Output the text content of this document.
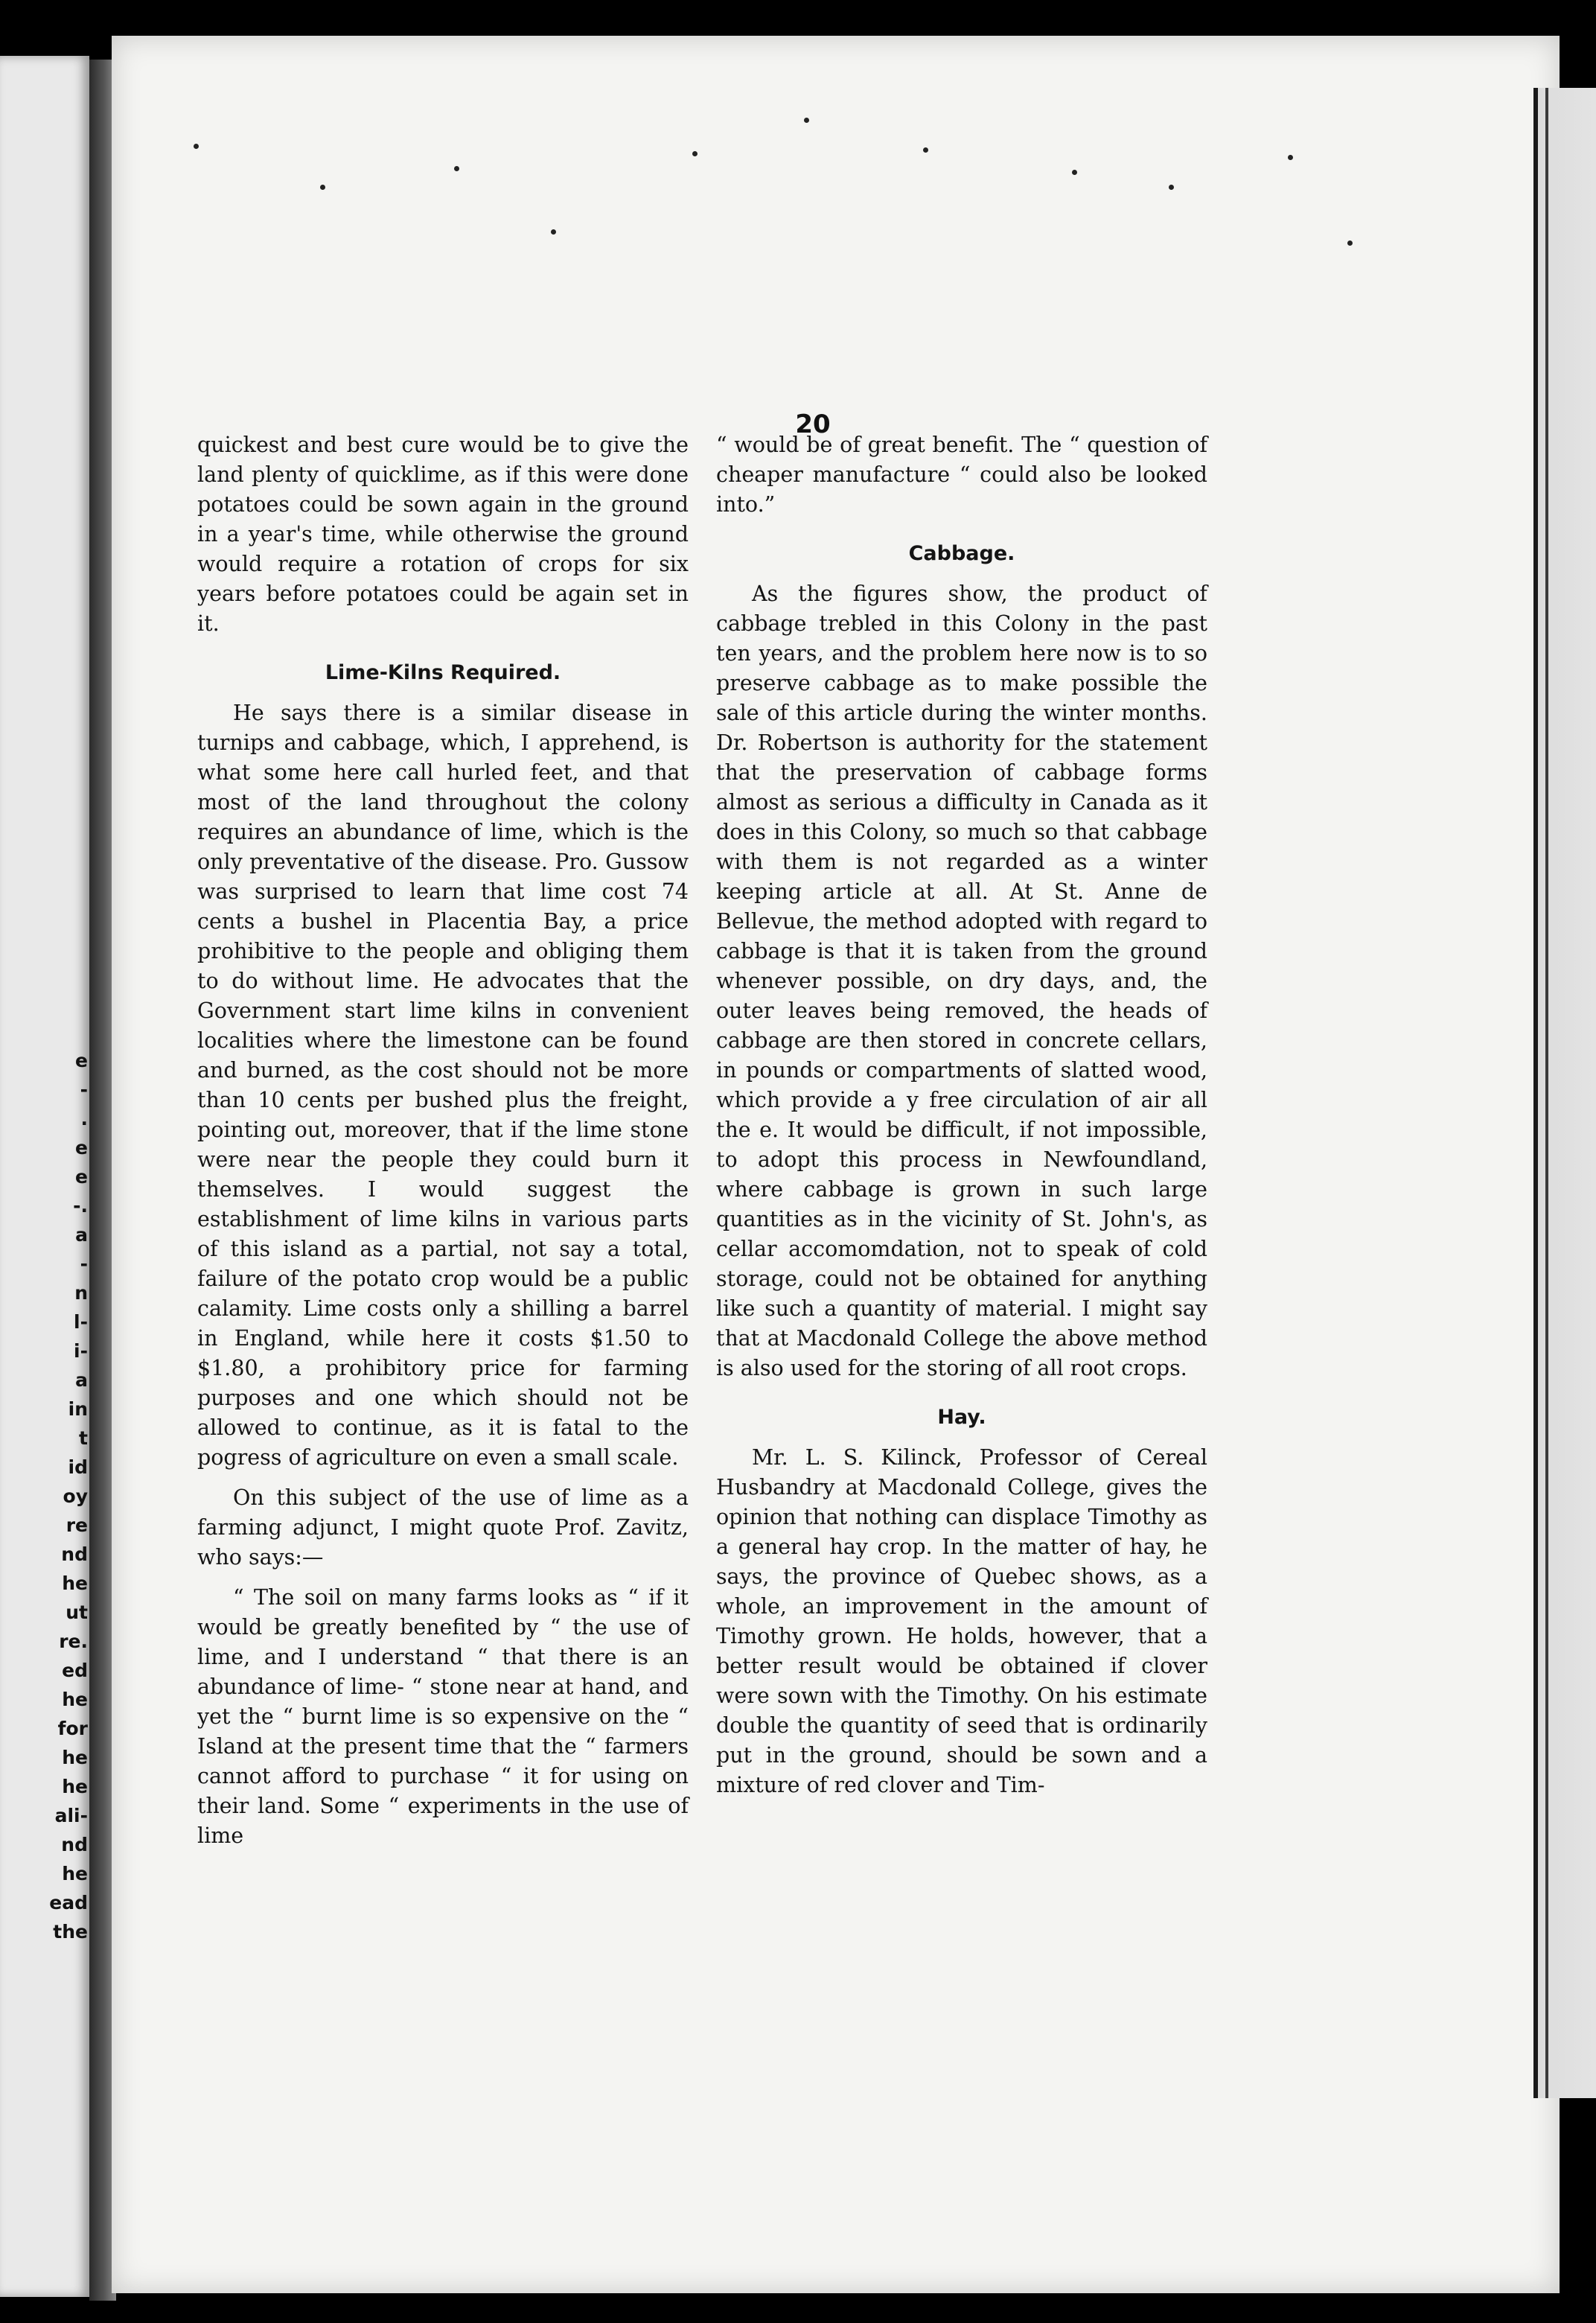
e
-
.
e
e
-.
a
-
n
l-
i-
a
in
t
id
oy
re
nd
he
ut
re.
ed
he
for
he
he
ali-
nd
he
ead
the
20

quickest and best cure would be to give the land plenty of quicklime, as if this were done potatoes could be sown again in the ground in a year's time, while otherwise the ground would require a rotation of crops for six years before potatoes could be again set in it.

Lime-Kilns Required.

He says there is a similar disease in turnips and cabbage, which, I apprehend, is what some here call hurled feet, and that most of the land throughout the colony requires an abundance of lime, which is the only preventative of the disease. Pro. Gussow was surprised to learn that lime cost 74 cents a bushel in Placentia Bay, a price prohibitive to the people and obliging them to do without lime. He advocates that the Government start lime kilns in convenient localities where the limestone can be found and burned, as the cost should not be more than 10 cents per bushed plus the freight, pointing out, moreover, that if the lime stone were near the people they could burn it themselves. I would suggest the establishment of lime kilns in various parts of this island as a partial, not say a total, failure of the potato crop would be a public calamity. Lime costs only a shilling a barrel in England, while here it costs $1.50 to $1.80, a prohibitory price for farming purposes and one which should not be allowed to continue, as it is fatal to the pogress of agriculture on even a small scale.

On this subject of the use of lime as a farming adjunct, I might quote Prof. Zavitz, who says:—

“ The soil on many farms looks as “ if it would be greatly benefited by “ the use of lime, and I understand “ that there is an abundance of lime- “ stone near at hand, and yet the “ burnt lime is so expensive on the “ Island at the present time that the “ farmers cannot afford to purchase “ it for using on their land. Some “ experiments in the use of lime

“ would be of great benefit. The “ question of cheaper manufacture “ could also be looked into.”

Cabbage.

As the figures show, the product of cabbage trebled in this Colony in the past ten years, and the problem here now is to so preserve cabbage as to make possible the sale of this article during the winter months. Dr. Robertson is authority for the statement that the preservation of cabbage forms almost as serious a difficulty in Canada as it does in this Colony, so much so that cabbage with them is not regarded as a winter keeping article at all. At St. Anne de Bellevue, the method adopted with regard to cabbage is that it is taken from the ground whenever possible, on dry days, and, the outer leaves being removed, the heads of cabbage are then stored in concrete cellars, in pounds or compartments of slatted wood, which provide a y free circulation of air all the e. It would be difficult, if not impossible, to adopt this process in Newfoundland, where cabbage is grown in such large quantities as in the vicinity of St. John's, as cellar accomomdation, not to speak of cold storage, could not be obtained for anything like such a quantity of material. I might say that at Macdonald College the above method is also used for the storing of all root crops.

Hay.

Mr. L. S. Kilinck, Professor of Cereal Husbandry at Macdonald College, gives the opinion that nothing can displace Timothy as a general hay crop. In the matter of hay, he says, the province of Quebec shows, as a whole, an improvement in the amount of Timothy grown. He holds, however, that a better result would be obtained if clover were sown with the Timothy. On his estimate double the quantity of seed that is ordinarily put in the ground, should be sown and a mixture of red clover and Tim-
